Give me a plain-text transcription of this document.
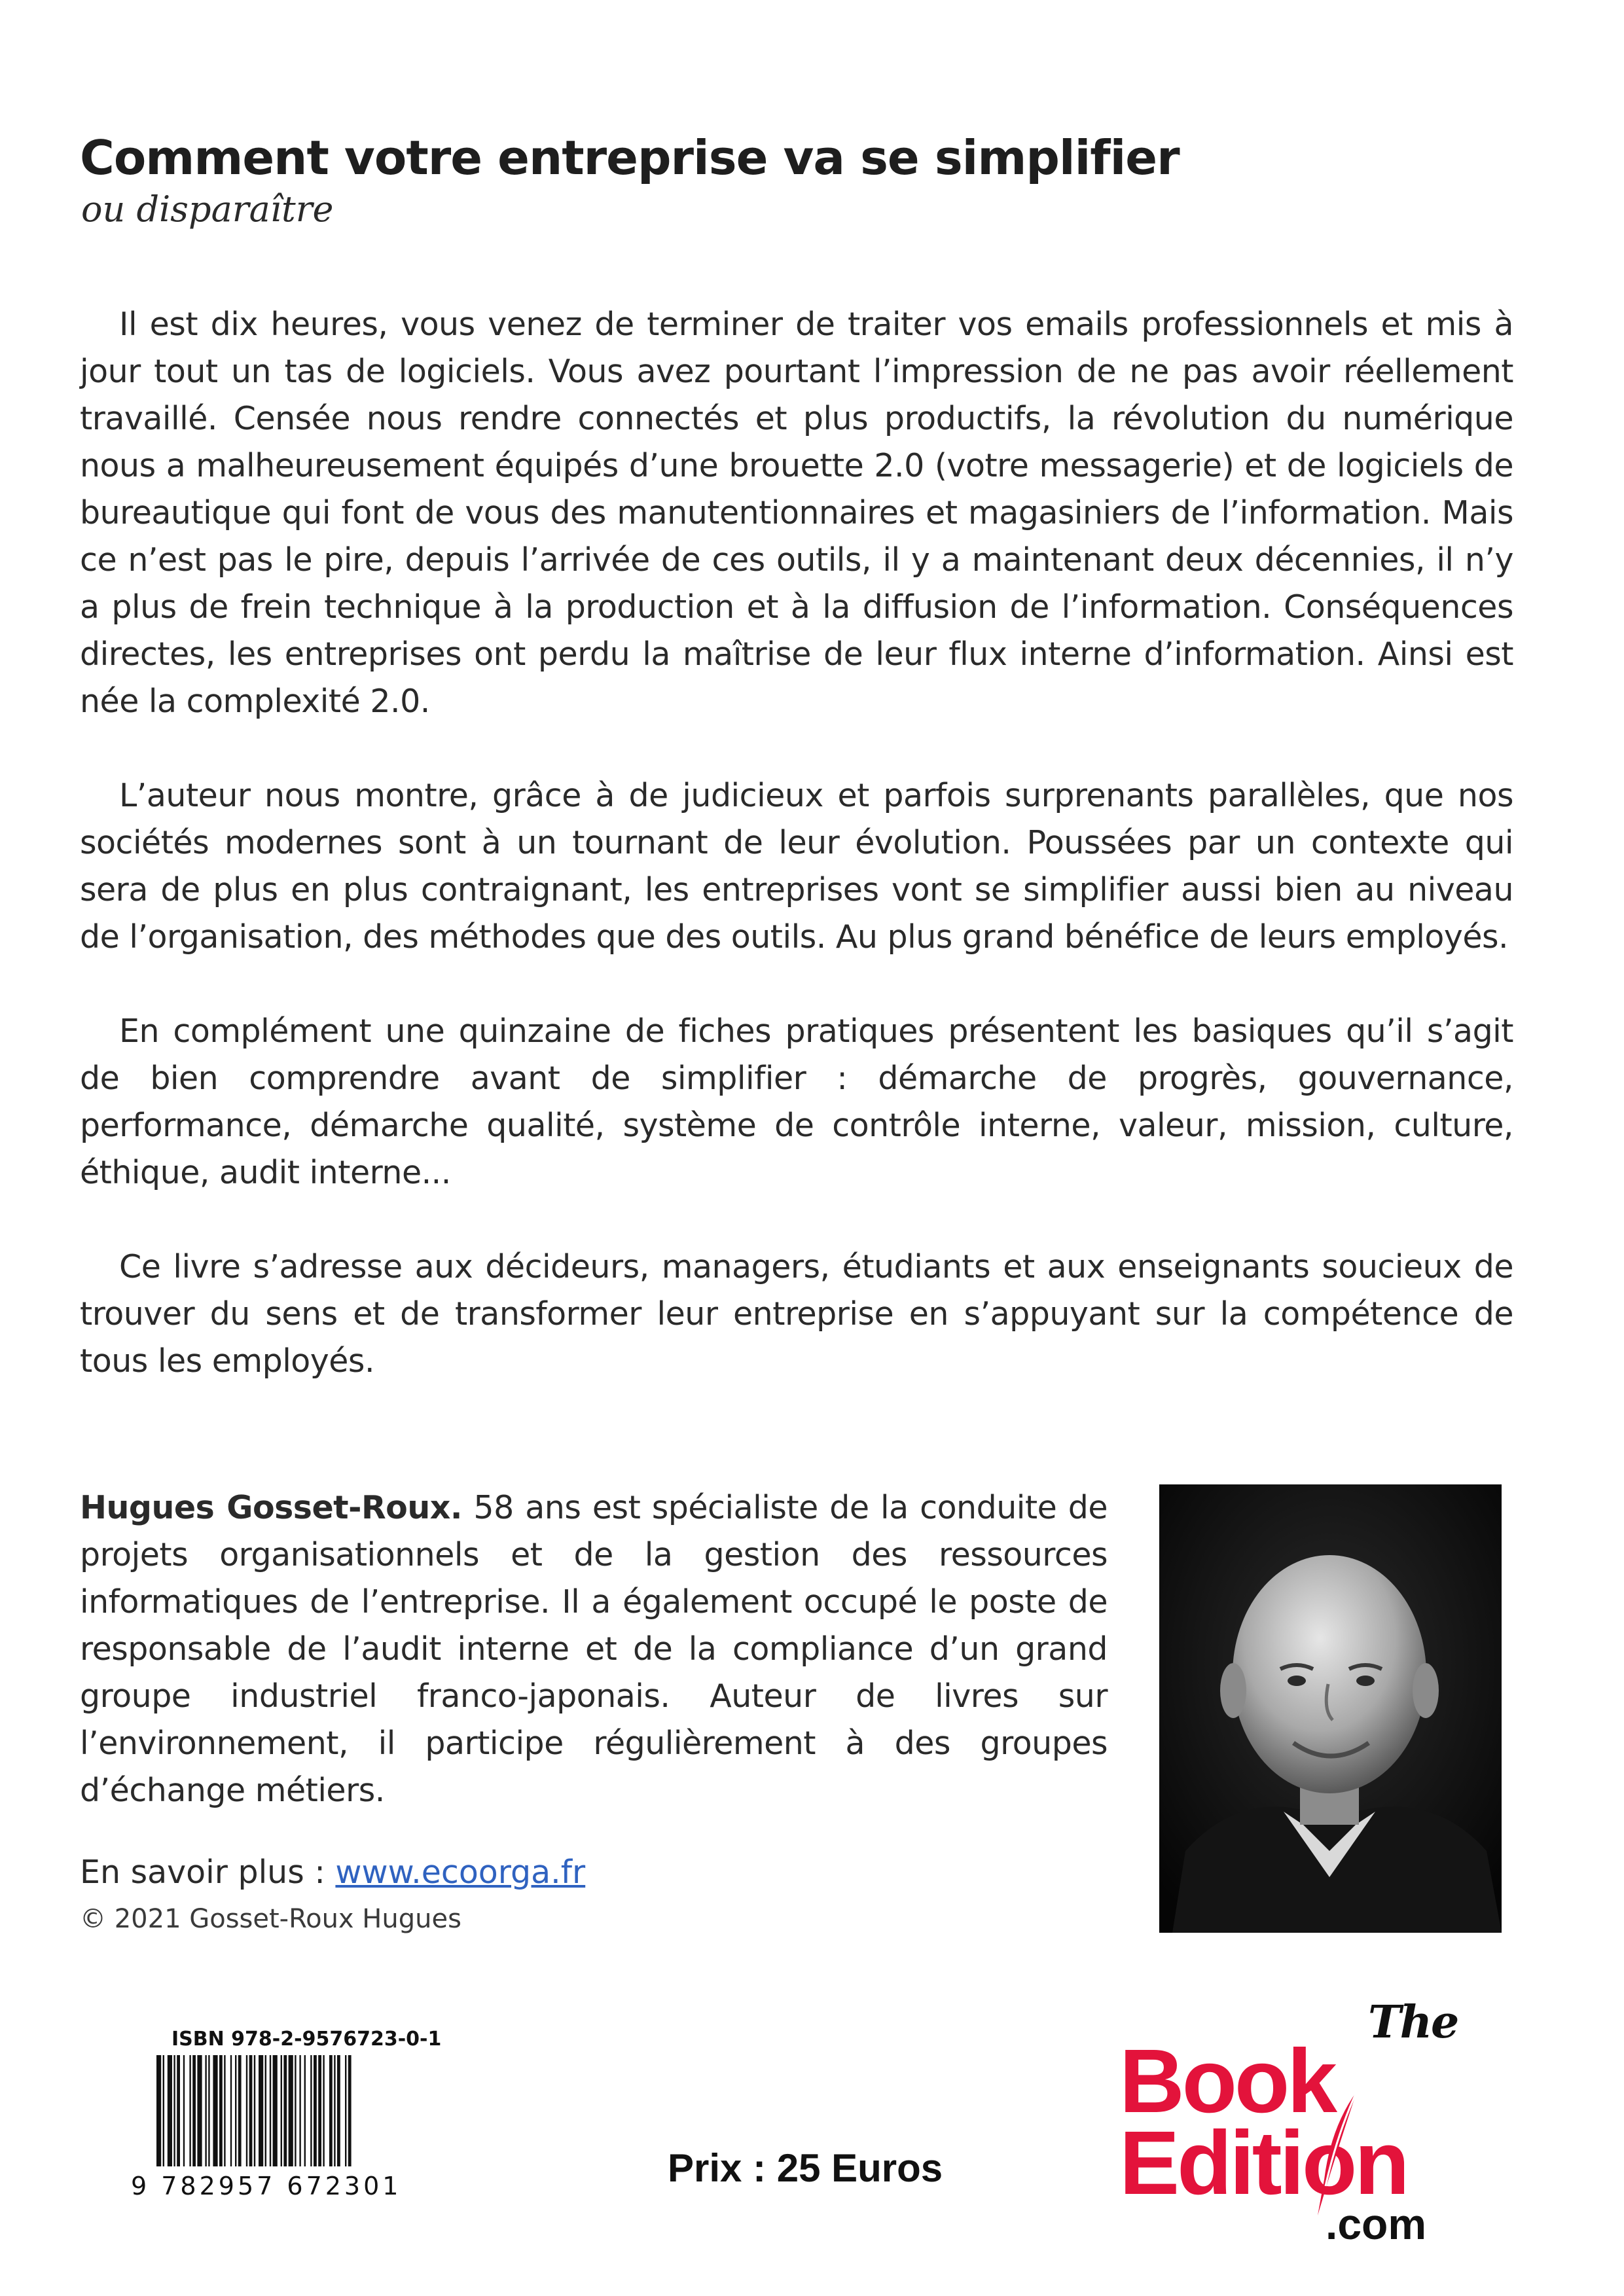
Comment votre entreprise va se simplifier
ou disparaître

Il est dix heures, vous venez de terminer de traiter vos emails professionnels et mis à jour tout un tas de logiciels. Vous avez pourtant l’impression de ne pas avoir réellement travaillé. Censée nous rendre connectés et plus productifs, la révolution du numérique nous a malheureusement équipés d’une brouette 2.0 (votre messagerie) et de logiciels de bureautique qui font de vous des manutentionnaires et magasiniers de l’information. Mais ce n’est pas le pire, depuis l’arrivée de ces outils, il y a maintenant deux décennies, il n’y a plus de frein technique à la production et à la diffusion de l’information. Conséquences directes, les entreprises ont perdu la maîtrise de leur flux interne d’information. Ainsi est née la complexité 2.0.

L’auteur nous montre, grâce à de judicieux et parfois surprenants parallèles, que nos sociétés modernes sont à un tournant de leur évolution. Poussées par un contexte qui sera de plus en plus contraignant, les entreprises vont se simplifier aussi bien au niveau de l’organisation, des méthodes que des outils. Au plus grand bénéfice de leurs employés.

En complément une quinzaine de fiches pratiques présentent les basiques qu’il s’agit de bien comprendre avant de simplifier : démarche de progrès, gouvernance, performance, démarche qualité, système de contrôle interne, valeur, mission, culture, éthique, audit interne...

Ce livre s’adresse aux décideurs, managers, étudiants et aux enseignants soucieux de trouver du sens et de transformer leur entreprise en s’appuyant sur la compétence de tous les employés.

Hugues Gosset-Roux. 58 ans est spécialiste de la conduite de projets organisationnels et de la gestion des ressources informatiques de l’entreprise. Il a également occupé le poste de responsable de l’audit interne et de la compliance d’un grand groupe industriel franco-japonais. Auteur de livres sur l’environnement, il participe régulièrement à des groupes d’échange métiers.

En savoir plus : www.ecoorga.fr
© 2021 Gosset-Roux Hugues
ISBN 978-2-9576723-0-1
9 782957 672301	Prix : 25 Euros
The
Book
Edition
.com
